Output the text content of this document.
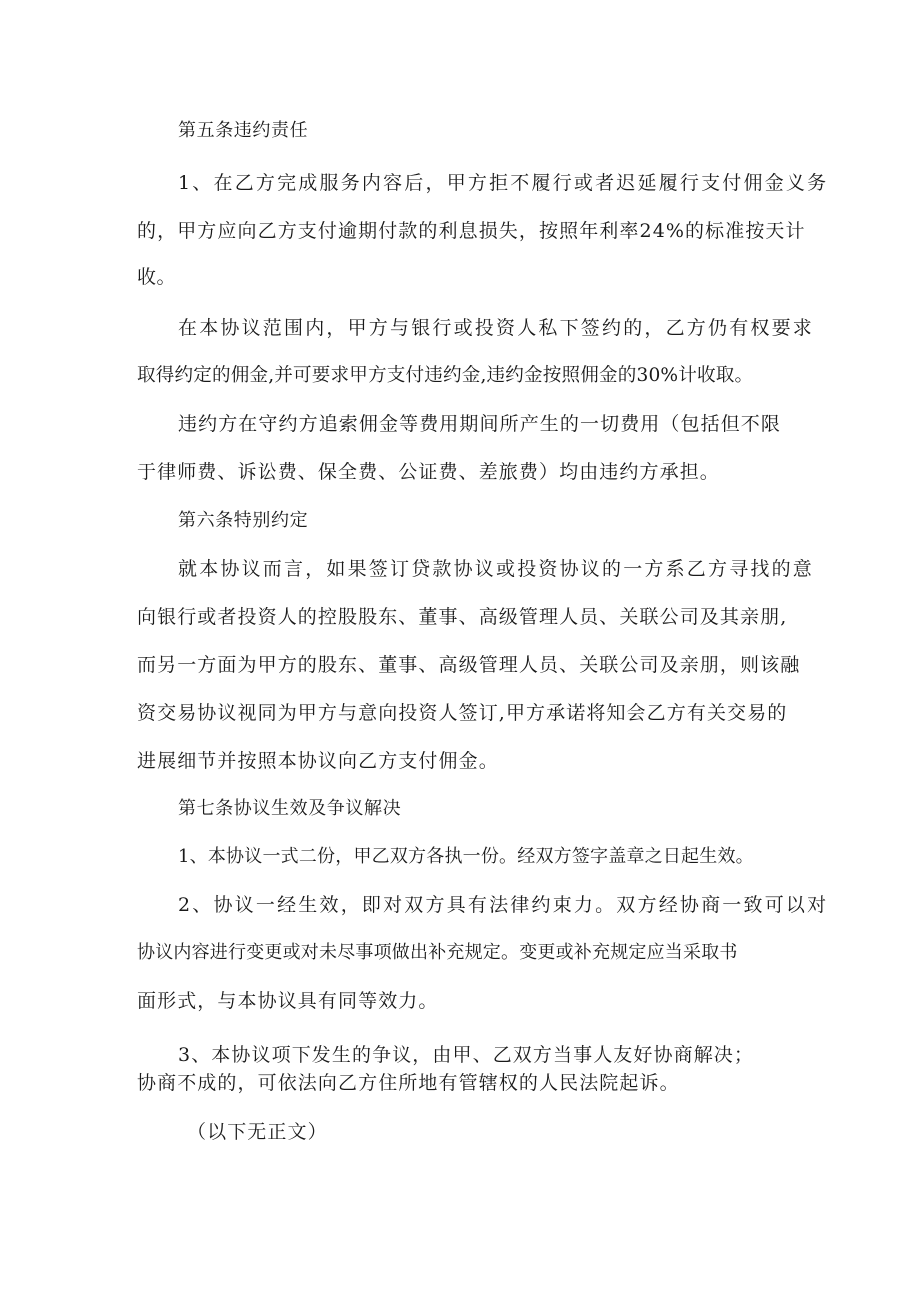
第五条违约责任
1、在乙方完成服务内容后，甲方拒不履行或者迟延履行支付佣金义务
的，甲方应向乙方支付逾期付款的利息损失，按照年利率24%的标准按天计
收。
在本协议范围内，甲方与银行或投资人私下签约的，乙方仍有权要求
取得约定的佣金,并可要求甲方支付违约金,违约金按照佣金的30%计收取。
违约方在守约方追索佣金等费用期间所产生的一切费用（包括但不限
于律师费、诉讼费、保全费、公证费、差旅费）均由违约方承担。
第六条特别约定
就本协议而言，如果签订贷款协议或投资协议的一方系乙方寻找的意
向银行或者投资人的控股股东、董事、高级管理人员、关联公司及其亲朋,
而另一方面为甲方的股东、董事、高级管理人员、关联公司及亲朋，则该融
资交易协议视同为甲方与意向投资人签订,甲方承诺将知会乙方有关交易的
进展细节并按照本协议向乙方支付佣金。
第七条协议生效及争议解决
1、本协议一式二份，甲乙双方各执一份。经双方签字盖章之日起生效。
2、协议一经生效，即对双方具有法律约束力。双方经协商一致可以对
协议内容进行变更或对未尽事项做出补充规定。变更或补充规定应当采取书
面形式，与本协议具有同等效力。
3、本协议项下发生的争议，由甲、乙双方当事人友好协商解决；
协商不成的，可依法向乙方住所地有管辖权的人民法院起诉。
（以下无正文）
